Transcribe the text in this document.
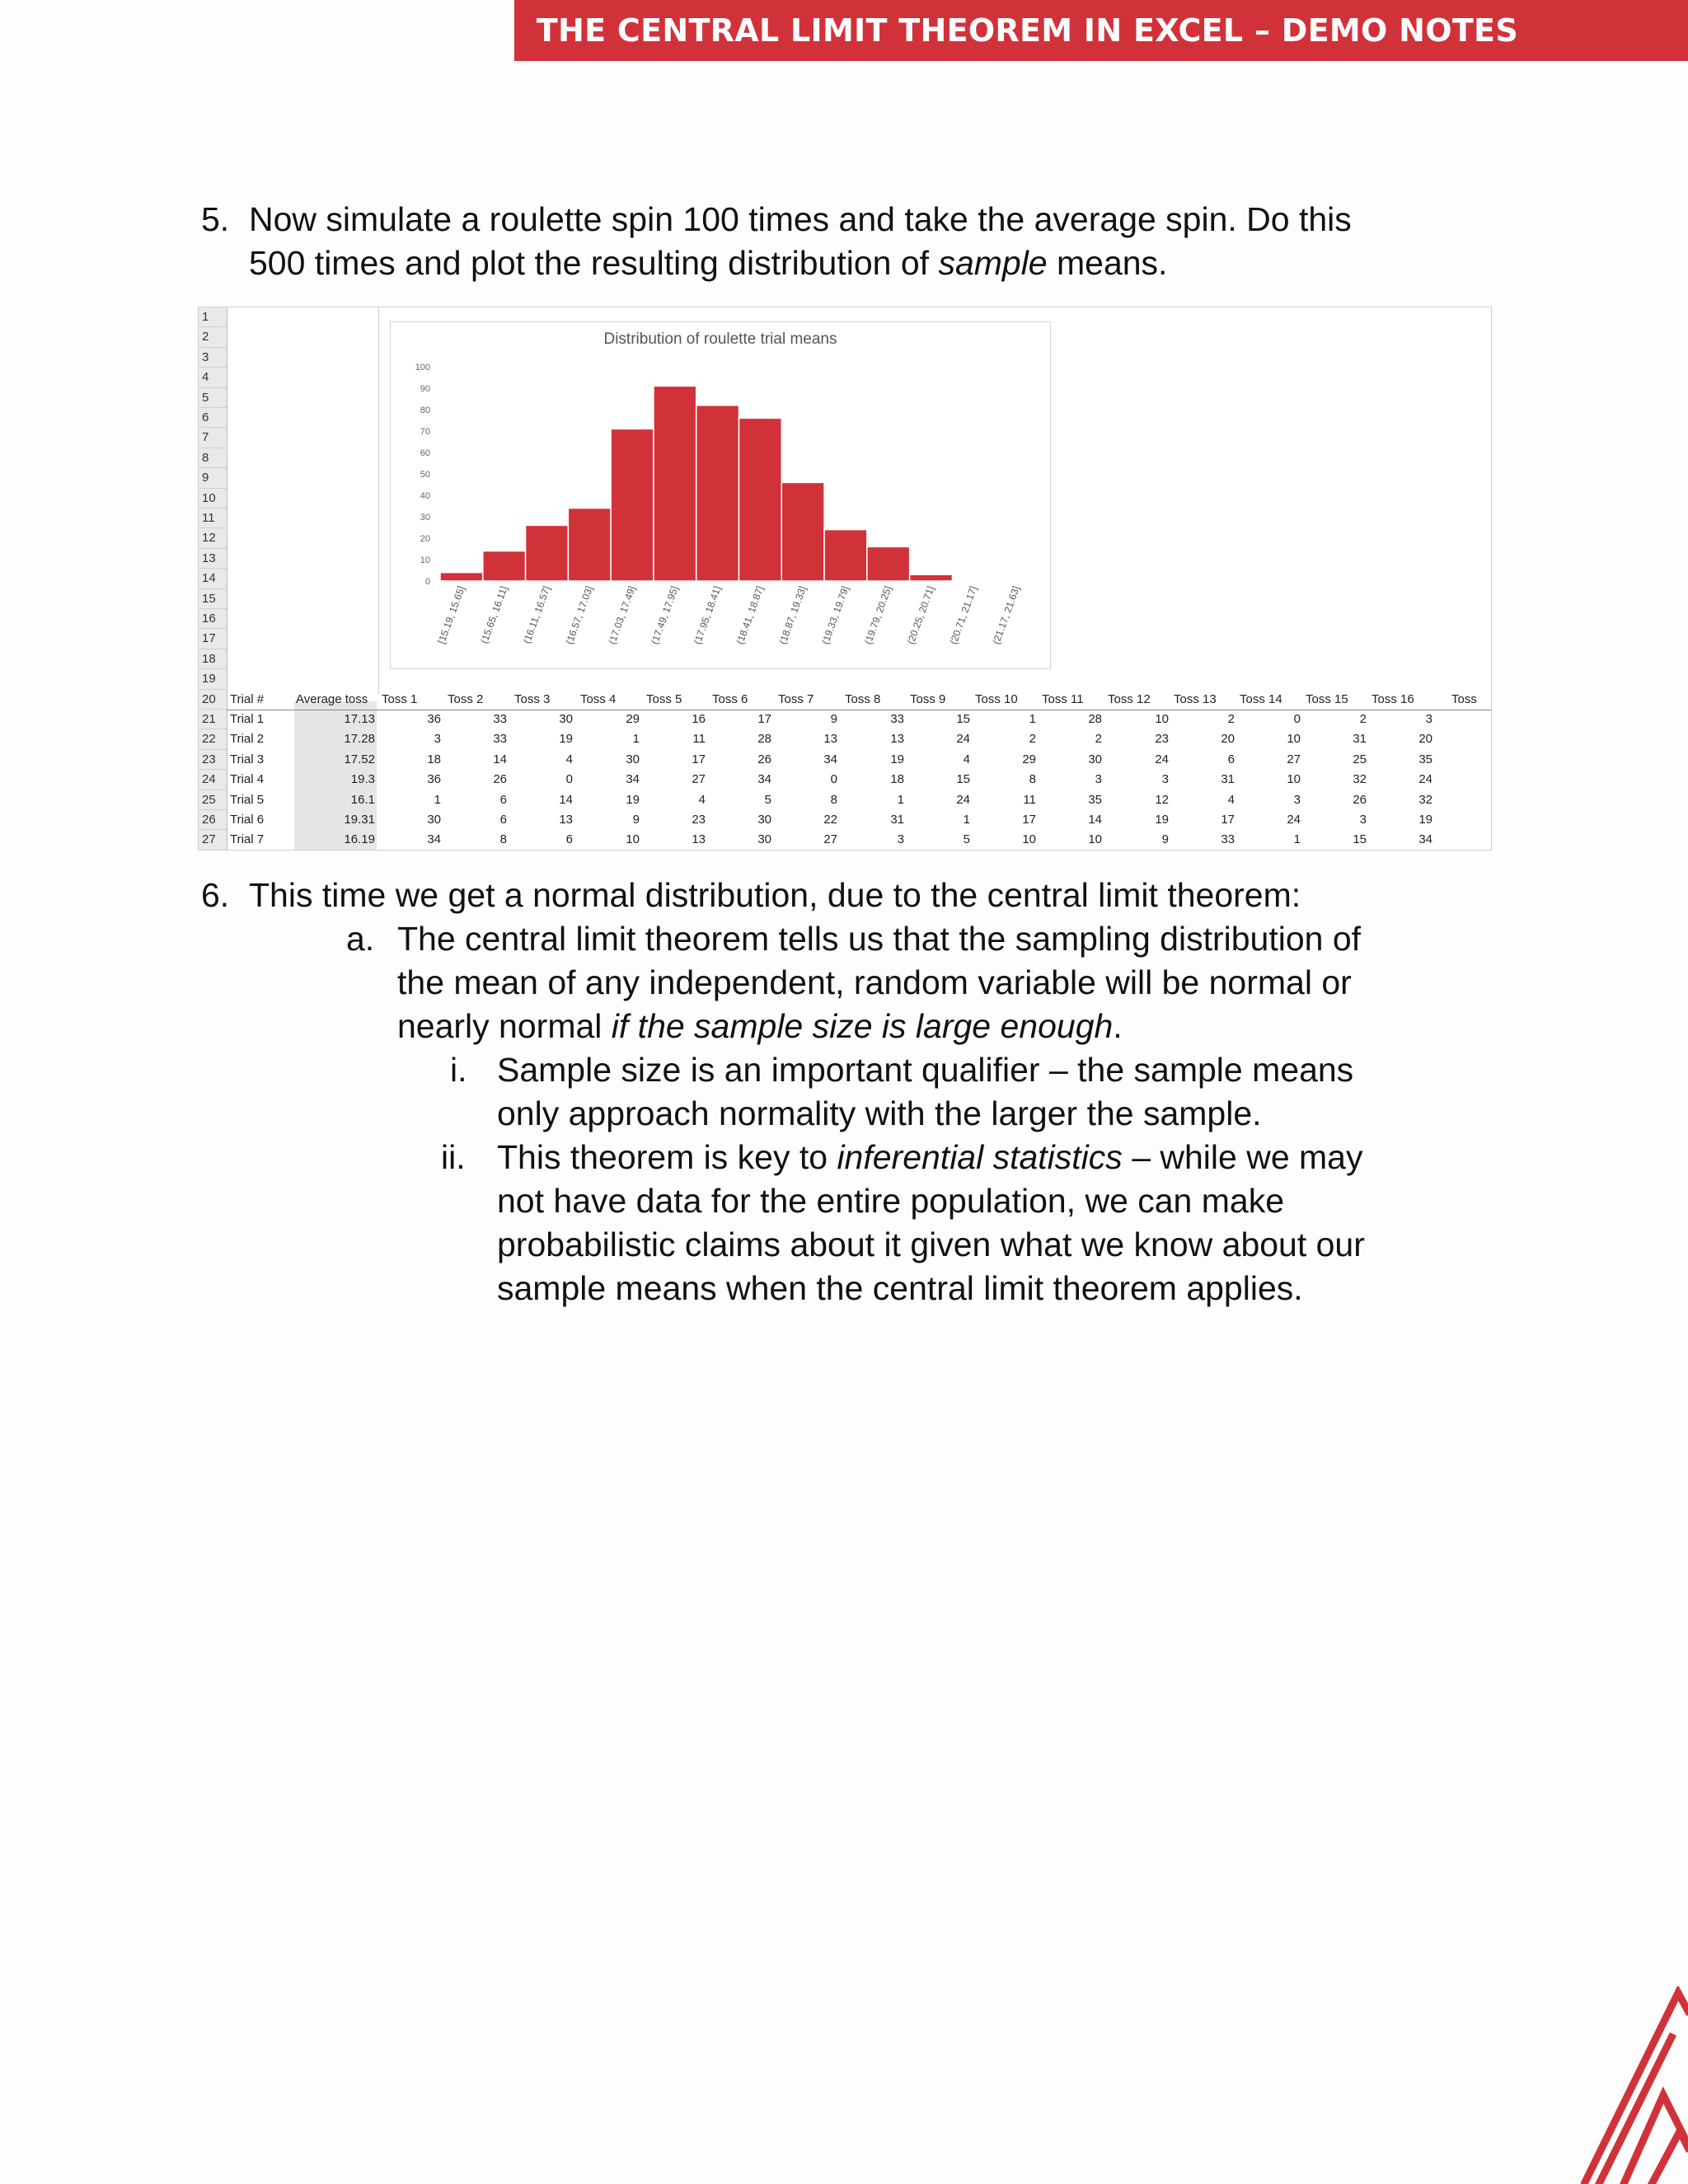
THE CENTRAL LIMIT THEOREM IN EXCEL – DEMO NOTES
5. Now simulate a roulette spin 100 times and take the average spin. Do this
500 times and plot the resulting distribution of sample means.
1
2
3
4
5
6
7
8
9
10
11
12
13
14
15
16
17
18
19
20
21
22
23
24
25
26
27
Trial #	Average toss Toss 1 Toss 2	Toss 3 Toss 4 Toss 5 Toss 6 Toss 7	Toss 8 Toss 9 Toss 10 Toss 11 Toss 12 Toss 13 Toss 14 Toss 15 Toss 16	Toss
Trial 1	17.13	36	33	30	29	16	17	9	33	15	1	28	10	2	0	2	3
Trial 2	17.28	3	33	19	1	11	28	13	13	24	2	2	23	20	10	31	20
Trial 3	17.52	18	14	4	30	17	26	34	19	4	29	30	24	6	27	25	35
Trial 4	19.3	36	26	0	34	27	34	0	18	15	8	3	3	31	10	32	24
Trial 5	16.1	1	6	14	19	4	5	8	1	24	11	35	12	4	3	26	32
Trial 6	19.31	30	6	13	9	23	30	22	31	1	17	14	19	17	24	3	19
Trial 7	16.19	34	8	6	10	13	30	27	3	5	10	10	9	33	1	15	34
Distribution of roulette trial means
0
10
20
30
40
50
60
70
80
90
100
[15.19, 15.65] (15.65, 16.11] (16.11, 16.57] (16.57, 17.03] (17.03, 17.49] (17.49, 17.95] (17.95, 18.41] (18.41, 18.87] (18.87, 19.33] (19.33, 19.79] (19.79, 20.25] (20.25, 20.71] (20.71, 21.17] (21.17, 21.63]
6. This time we get a normal distribution, due to the central limit theorem:
a. The central limit theorem tells us that the sampling distribution of
the mean of any independent, random variable will be normal or
nearly normal if the sample size is large enough.
i. Sample size is an important qualifier – the sample means
only approach normality with the larger the sample.
ii. This theorem is key to inferential statistics – while we may
not have data for the entire population, we can make
probabilistic claims about it given what we know about our
sample means when the central limit theorem applies.
